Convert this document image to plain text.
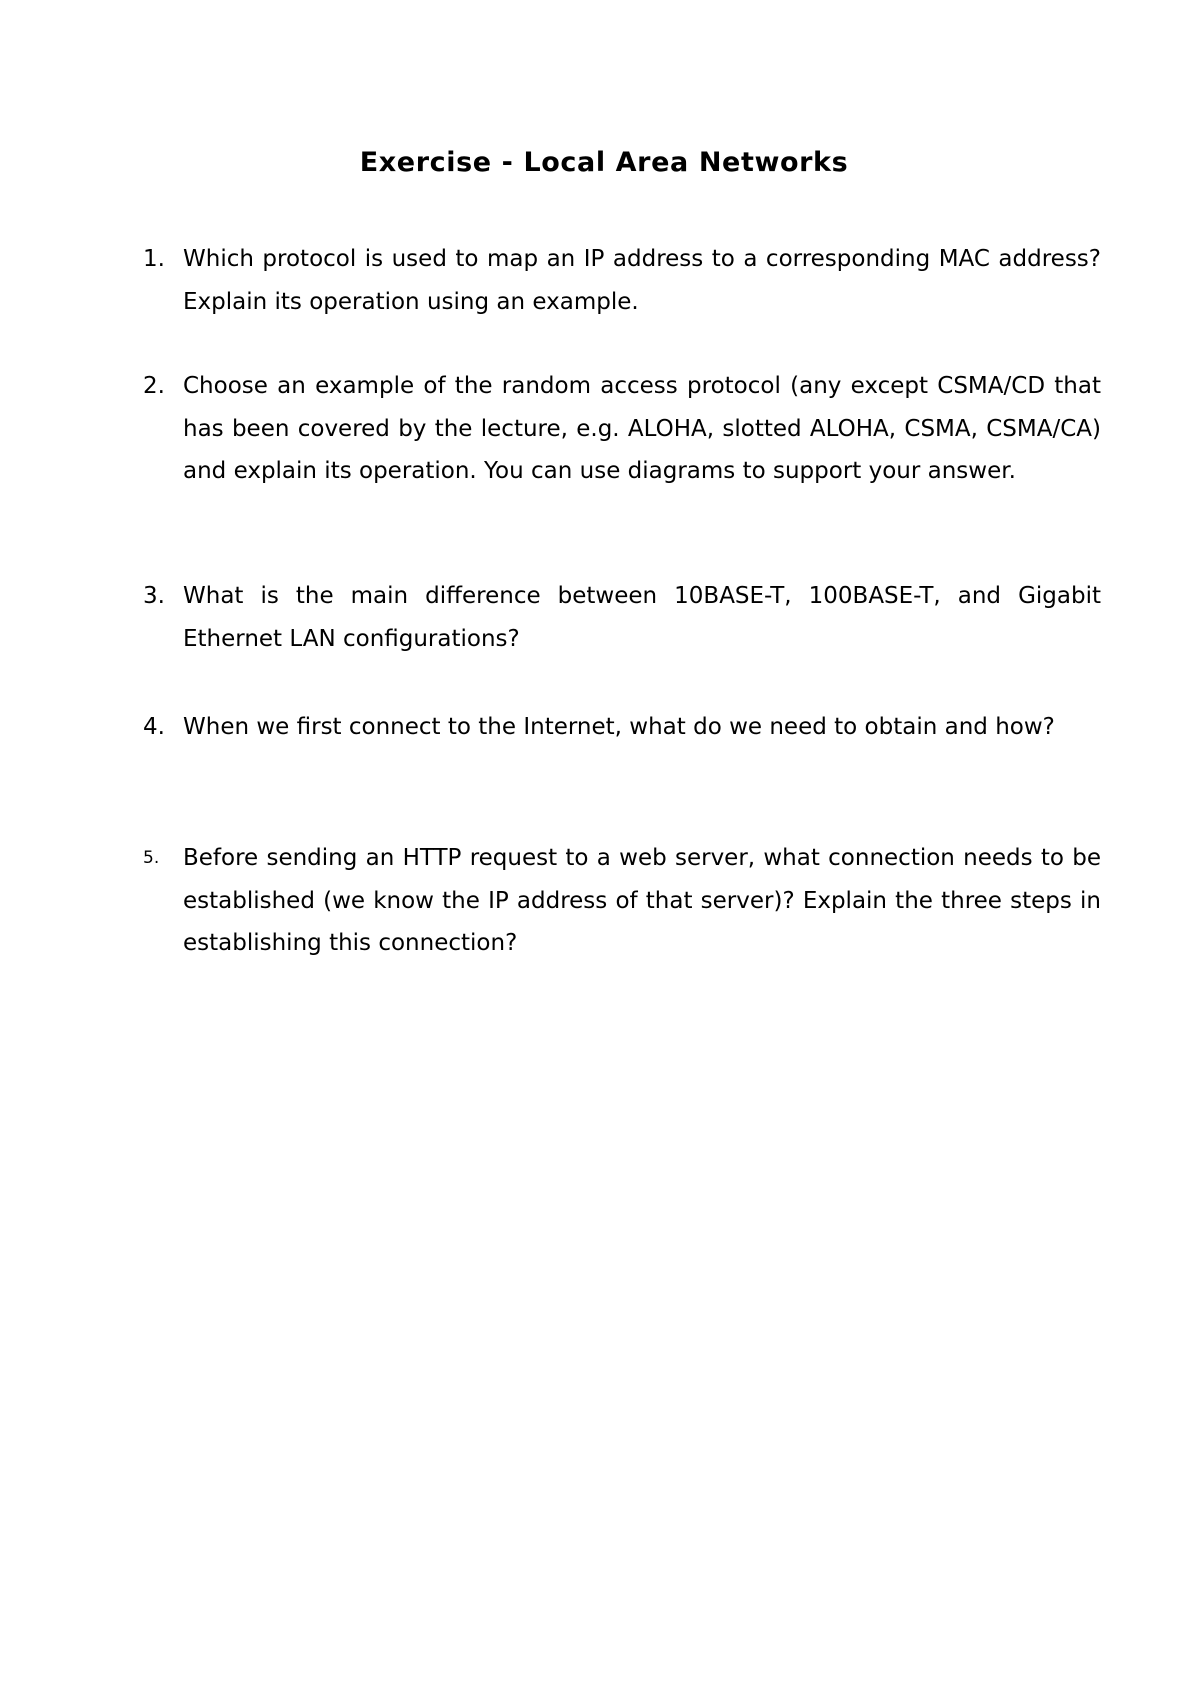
Exercise - Local Area Networks
1. Which protocol is used to map an IP address to a corresponding MAC address? Explain its operation using an example.
2. Choose an example of the random access protocol (any except CSMA/CD that has been covered by the lecture, e.g. ALOHA, slotted ALOHA, CSMA, CSMA/CA) and explain its operation. You can use diagrams to support your answer.
3. What is the main difference between 10BASE-T, 100BASE-T, and Gigabit Ethernet LAN configurations?
4. When we first connect to the Internet, what do we need to obtain and how?
5. Before sending an HTTP request to a web server, what connection needs to be established (we know the IP address of that server)? Explain the three steps in establishing this connection?
